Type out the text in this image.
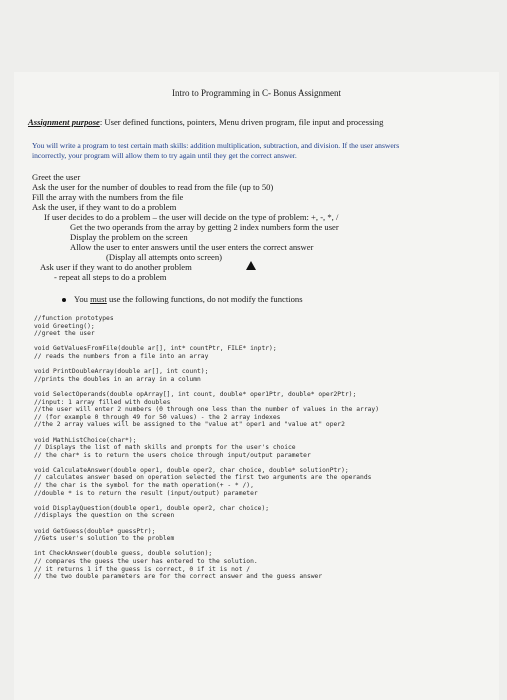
Intro to Programming in C- Bonus Assignment
Assignment purpose: User defined functions, pointers, Menu driven program, file input and processing
You will write a program to test certain math skills: addition multiplication, subtraction, and division. If the user answers
incorrectly, your program will allow them to try again until they get the correct answer.
Greet the user
Ask the user for the number of doubles to read from the file (up to 50)
Fill the array with the numbers from the file
Ask the user, if they want to do a problem
If user decides to do a problem – the user will decide on the type of problem: +, -, *, /
Get the two operands from the array by getting 2 index numbers form the user
Display the problem on the screen
Allow the user to enter answers until the user enters the correct answer
(Display all attempts onto screen)
Ask user if they want to do another problem
- repeat all steps to do a problem
You must use the following functions, do not modify the functions
//function prototypes
void Greeting();
//greet the user
void GetValuesFromFile(double ar[], int* countPtr, FILE* inptr);
// reads the numbers from a file into an array
void PrintDoubleArray(double ar[], int count);
//prints the doubles in an array in a column
void SelectOperands(double opArray[], int count, double* oper1Ptr, double* oper2Ptr);
//input: 1 array filled with doubles
//the user will enter 2 numbers (0 through one less than the number of values in the array)
// (for example 0 through 49 for 50 values) - the 2 array indexes
//the 2 array values will be assigned to the "value at" oper1 and "value at" oper2
void MathListChoice(char*);
// Displays the list of math skills and prompts for the user's choice
// the char* is to return the users choice through input/output parameter
void CalculateAnswer(double oper1, double oper2, char choice, double* solutionPtr);
// calculates answer based on operation selected the first two arguments are the operands
// the char is the symbol for the math operation(+ - * /),
//double * is to return the result (input/output) parameter
void DisplayQuestion(double oper1, double oper2, char choice);
//displays the question on the screen
void GetGuess(double* guessPtr);
//Gets user's solution to the problem
int CheckAnswer(double guess, double solution);
// compares the guess the user has entered to the solution.
// it returns 1 if the guess is correct, 0 if it is not /
// the two double parameters are for the correct answer and the guess answer
